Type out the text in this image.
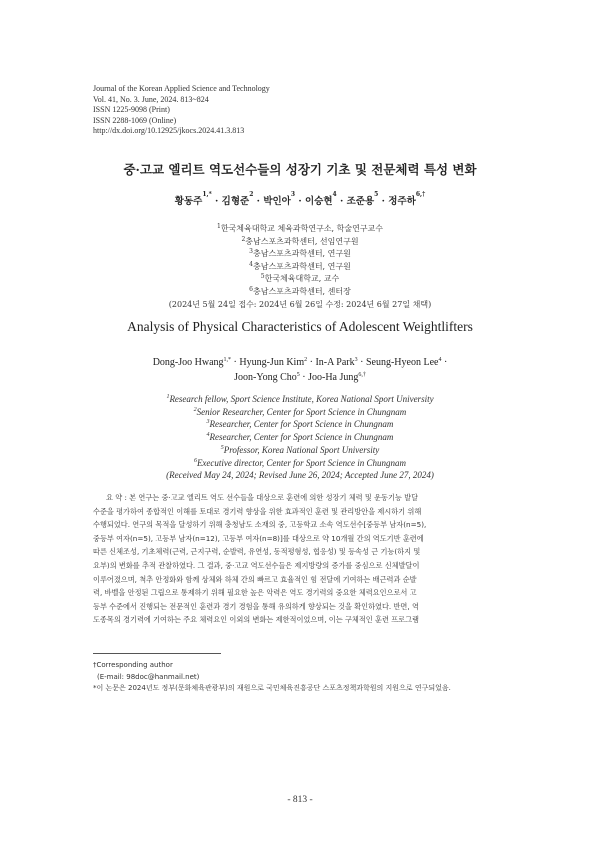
Journal of the Korean Applied Science and Technology
Vol. 41, No. 3. June, 2024. 813~824
ISSN 1225-9098 (Print)
ISSN 2288-1069 (Online)
http://dx.doi.org/10.12925/jkocs.2024.41.3.813
중·고교 엘리트 역도선수들의 성장기 기초 및 전문체력 특성 변화
황동주$^{1,*}$ · 김형준$^2$ · 박인아$^3$ · 이승현$^4$ · 조준용$^5$ · 정주하$^{6,\dagger}$
$^1$한국체육대학교 체육과학연구소, 학술연구교수
$^2$충남스포츠과학센터, 선임연구원
$^3$충남스포츠과학센터, 연구원
$^4$충남스포츠과학센터, 연구원
$^5$한국체육대학교, 교수
$^6$충남스포츠과학센터, 센터장
(2024년 5월 24일 접수: 2024년 6월 26일 수정: 2024년 6월 27일 채택)
Analysis of Physical Characteristics of Adolescent Weightlifters
Dong-Joo Hwang$^{1,*}$ · Hyung-Jun Kim$^2$ · In-A Park$^3$ · Seung-Hyeon Lee$^4$ ·
Joon-Yong Cho$^5$ · Joo-Ha Jung$^{6,\dagger}$
$^1$Research fellow, Sport Science Institute, Korea National Sport University
$^2$Senior Researcher, Center for Sport Science in Chungnam
$^3$Researcher, Center for Sport Science in Chungnam
$^4$Researcher, Center for Sport Science in Chungnam
$^5$Professor, Korea National Sport University
$^6$Executive director, Center for Sport Science in Chungnam
(Received May 24, 2024; Revised June 26, 2024; Accepted June 27, 2024)
요 약 : 본 연구는 중·고교 엘리트 역도 선수들을 대상으로 훈련에 의한 성장기 체력 및 운동기능 발달
수준을 평가하여 종합적인 이해를 토대로 경기력 향상을 위한 효과적인 훈련 및 관리방안을 제시하기 위해
수행되었다. 연구의 목적을 달성하기 위해 충청남도 소재의 중, 고등학교 소속 역도선수[중등부 남자(n=5),
중등부 여자(n=5), 고등부 남자(n=12), 고등부 여자(n=8)]를 대상으로 약 10개월 간의 역도기반 훈련에
따른 신체조성, 기초체력(근력, 근지구력, 순발력, 유연성, 동적평형성, 협응성) 및 등속성 근 기능(하지 및
요부)의 변화를 추적 관찰하였다. 그 결과, 중·고교 역도선수들은 제지방량의 증가를 중심으로 신체발달이
이루어졌으며, 척추 안정화와 함께 상체와 하체 간의 빠르고 효율적인 힘 전달에 기여하는 배근력과 순발
력, 바벨을 안정된 그립으로 통제하기 위해 필요한 높은 악력은 역도 경기력의 중요한 체력요인으로서 고
등부 수준에서 진행되는 전문적인 훈련과 경기 경험을 통해 유의하게 향상되는 것을 확인하였다. 반면, 역
도종목의 경기력에 기여하는 주요 체력요인 이외의 변화는 제한적이었으며, 이는 구체적인 훈련 프로그램
†Corresponding author
(E-mail: 98doc@hanmail.net)
*이 논문은 2024년도 정부(문화체육관광부)의 재원으로 국민체육진흥공단 스포츠정책과학원의 지원으로 연구되었음.
- 813 -
